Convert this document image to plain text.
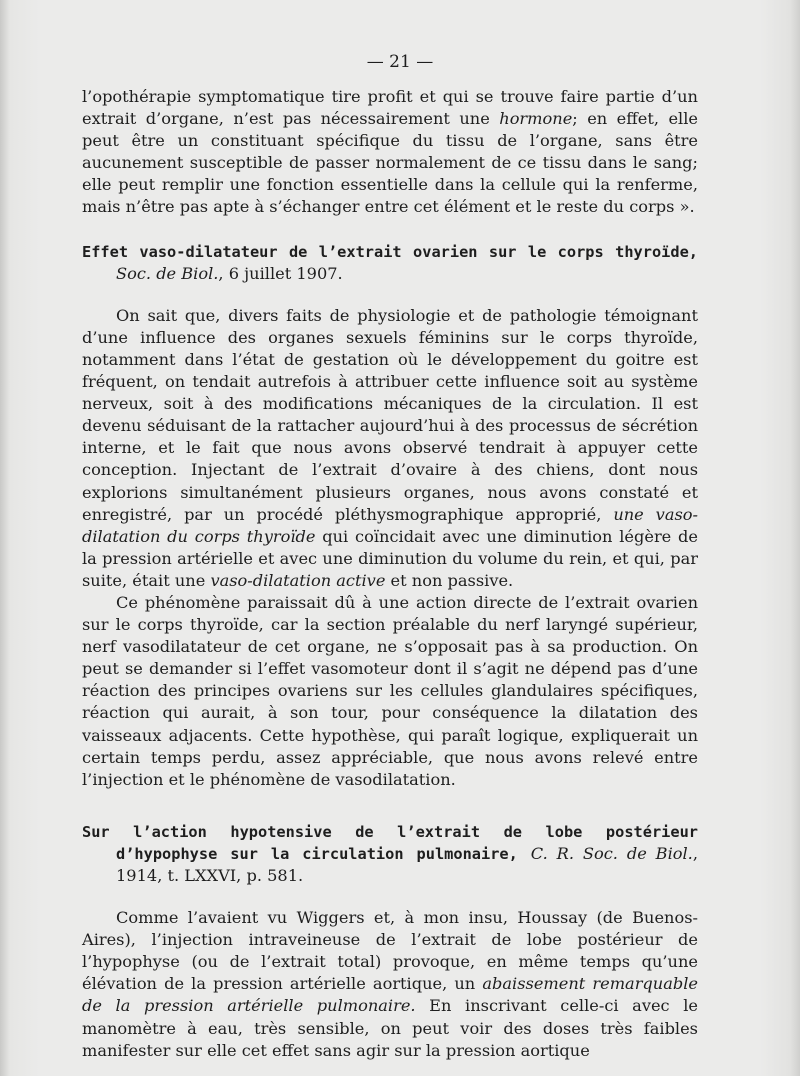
— 21 —

l’opothérapie symptomatique tire profit et qui se trouve faire partie d’un extrait d’organe, n’est pas nécessairement une hormone; en effet, elle peut être un constituant spécifique du tissu de l’organe, sans être aucunement susceptible de passer normalement de ce tissu dans le sang; elle peut remplir une fonction essentielle dans la cellule qui la renferme, mais n’être pas apte à s’échanger entre cet élément et le reste du corps ».

Effet vaso-dilatateur de l’extrait ovarien sur le corps thyroïde, Soc. de Biol., 6 juillet 1907.

On sait que, divers faits de physiologie et de pathologie témoignant d’une influence des organes sexuels féminins sur le corps thyroïde, notamment dans l’état de gestation où le développement du goitre est fréquent, on tendait autrefois à attribuer cette influence soit au système nerveux, soit à des modifications mécaniques de la circulation. Il est devenu séduisant de la rattacher aujourd’hui à des processus de sécrétion interne, et le fait que nous avons observé tendrait à appuyer cette conception. Injectant de l’extrait d’ovaire à des chiens, dont nous explorions simultanément plusieurs organes, nous avons constaté et enregistré, par un procédé pléthysmographique approprié, une vaso-dilatation du corps thyroïde qui coïncidait avec une diminution légère de la pression artérielle et avec une diminution du volume du rein, et qui, par suite, était une vaso-dilatation active et non passive.

Ce phénomène paraissait dû à une action directe de l’extrait ovarien sur le corps thyroïde, car la section préalable du nerf laryngé supérieur, nerf vasodilatateur de cet organe, ne s’opposait pas à sa production. On peut se demander si l’effet vasomoteur dont il s’agit ne dépend pas d’une réaction des principes ovariens sur les cellules glandulaires spécifiques, réaction qui aurait, à son tour, pour conséquence la dilatation des vaisseaux adjacents. Cette hypothèse, qui paraît logique, expliquerait un certain temps perdu, assez appréciable, que nous avons relevé entre l’injection et le phénomène de vasodilatation.

Sur l’action hypotensive de l’extrait de lobe postérieur d’hypophyse sur la circulation pulmonaire, C. R. Soc. de Biol., 1914, t. LXXVI, p. 581.

Comme l’avaient vu Wiggers et, à mon insu, Houssay (de Buenos-Aires), l’injection intraveineuse de l’extrait de lobe postérieur de l’hypophyse (ou de l’extrait total) provoque, en même temps qu’une élévation de la pression artérielle aortique, un abaissement remarquable de la pression artérielle pulmonaire. En inscrivant celle-ci avec le manomètre à eau, très sensible, on peut voir des doses très faibles manifester sur elle cet effet sans agir sur la pression aortique
